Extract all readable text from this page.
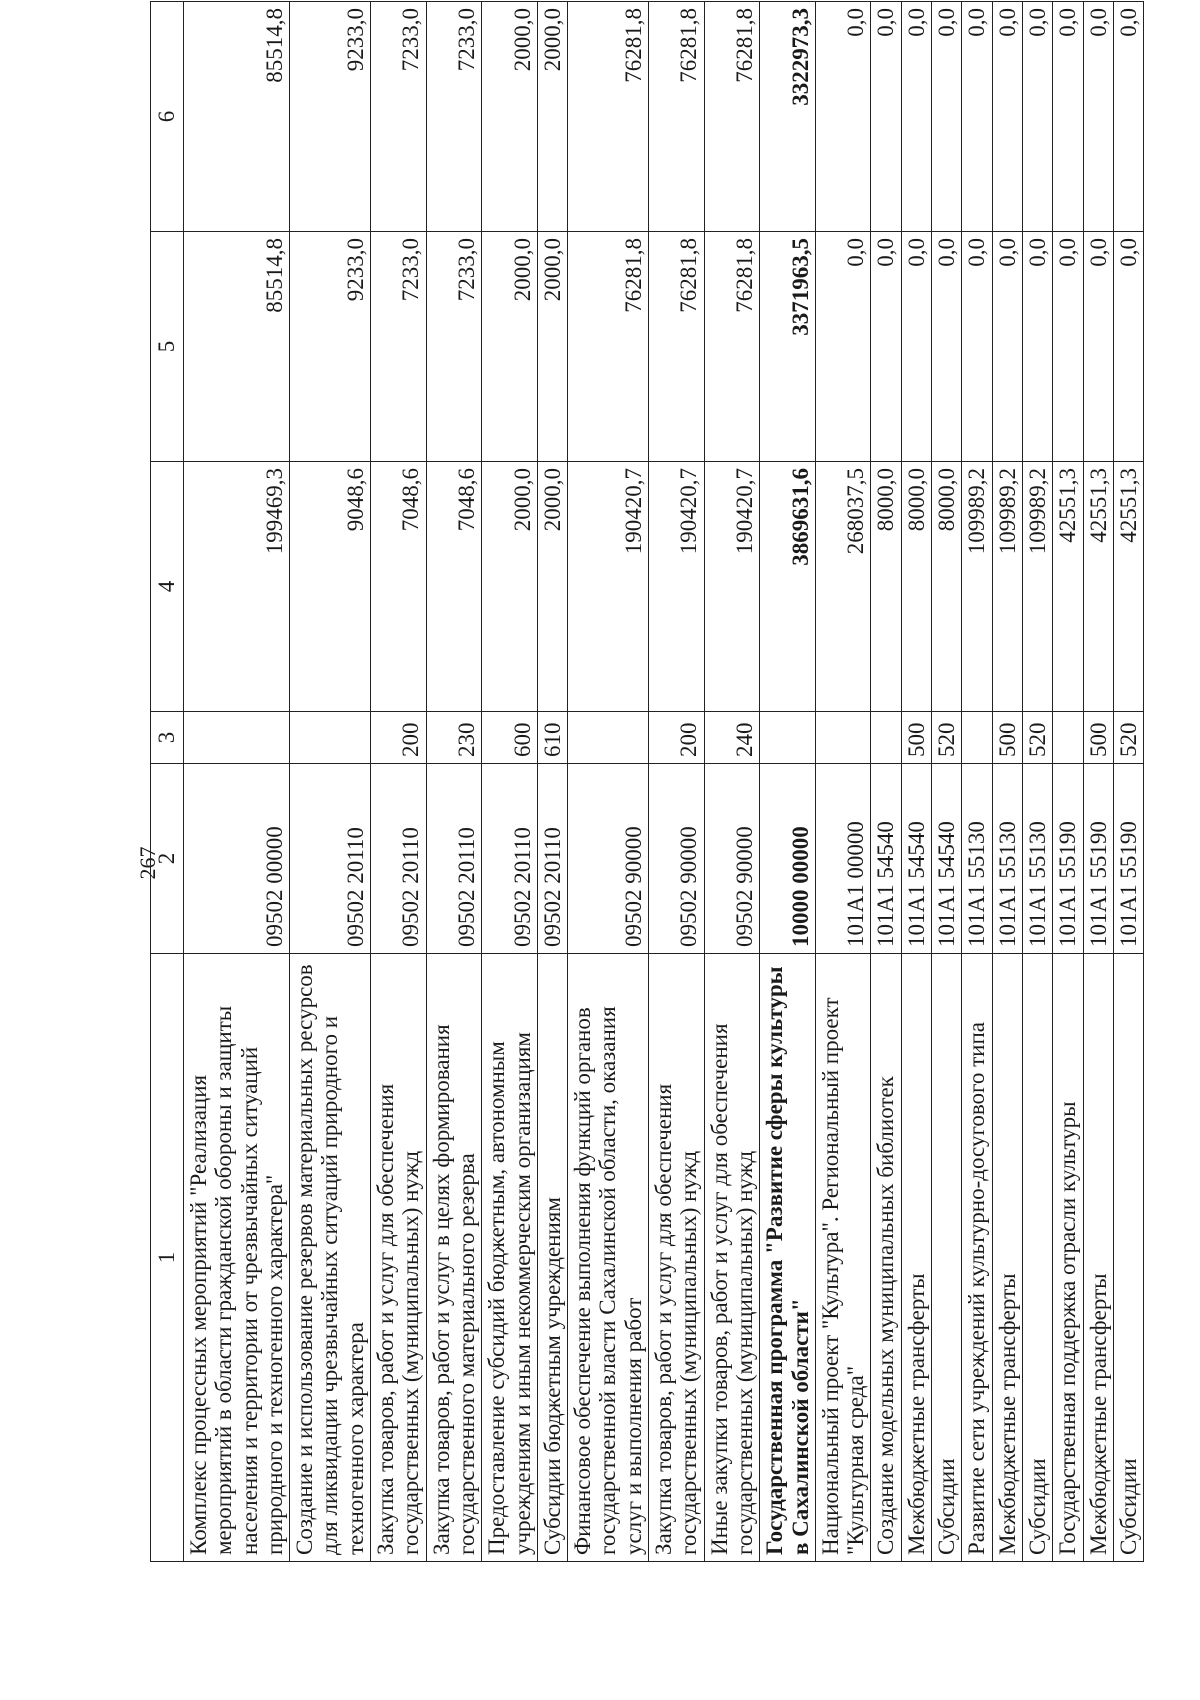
267
1	2	3	4	5	6
Комплекс процессных мероприятий "Реализация мероприятий в области гражданской обороны и защиты населения и территории от чрезвычайных ситуаций природного и техногенного характера"	09502 00000		199469,3	85514,8	85514,8
Создание и использование резервов материальных ресурсов для ликвидации чрезвычайных ситуаций природного и техногенного характера	09502 20110		9048,6	9233,0	9233,0
Закупка товаров, работ и услуг для обеспечения государственных (муниципальных) нужд	09502 20110	200	7048,6	7233,0	7233,0
Закупка товаров, работ и услуг в целях формирования государственного материального резерва	09502 20110	230	7048,6	7233,0	7233,0
Предоставление субсидий бюджетным, автономным учреждениям и иным некоммерческим организациям	09502 20110	600	2000,0	2000,0	2000,0
Субсидии бюджетным учреждениям	09502 20110	610	2000,0	2000,0	2000,0
Финансовое обеспечение выполнения функций органов государственной власти Сахалинской области, оказания услуг и выполнения работ	09502 90000		190420,7	76281,8	76281,8
Закупка товаров, работ и услуг для обеспечения государственных (муниципальных) нужд	09502 90000	200	190420,7	76281,8	76281,8
Иные закупки товаров, работ и услуг для обеспечения государственных (муниципальных) нужд	09502 90000	240	190420,7	76281,8	76281,8
Государственная программа "Развитие сферы культуры в Сахалинской области"	10000 00000		3869631,6	3371963,5	3322973,3
Национальный проект "Культура". Региональный проект "Культурная среда"	101А1 00000		268037,5	0,0	0,0
Создание модельных муниципальных библиотек	101А1 54540		8000,0	0,0	0,0
Межбюджетные трансферты	101А1 54540	500	8000,0	0,0	0,0
Субсидии	101А1 54540	520	8000,0	0,0	0,0
Развитие сети учреждений культурно-досугового типа	101А1 55130		109989,2	0,0	0,0
Межбюджетные трансферты	101А1 55130	500	109989,2	0,0	0,0
Субсидии	101А1 55130	520	109989,2	0,0	0,0
Государственная поддержка отрасли культуры	101А1 55190		42551,3	0,0	0,0
Межбюджетные трансферты	101А1 55190	500	42551,3	0,0	0,0
Субсидии	101А1 55190	520	42551,3	0,0	0,0
